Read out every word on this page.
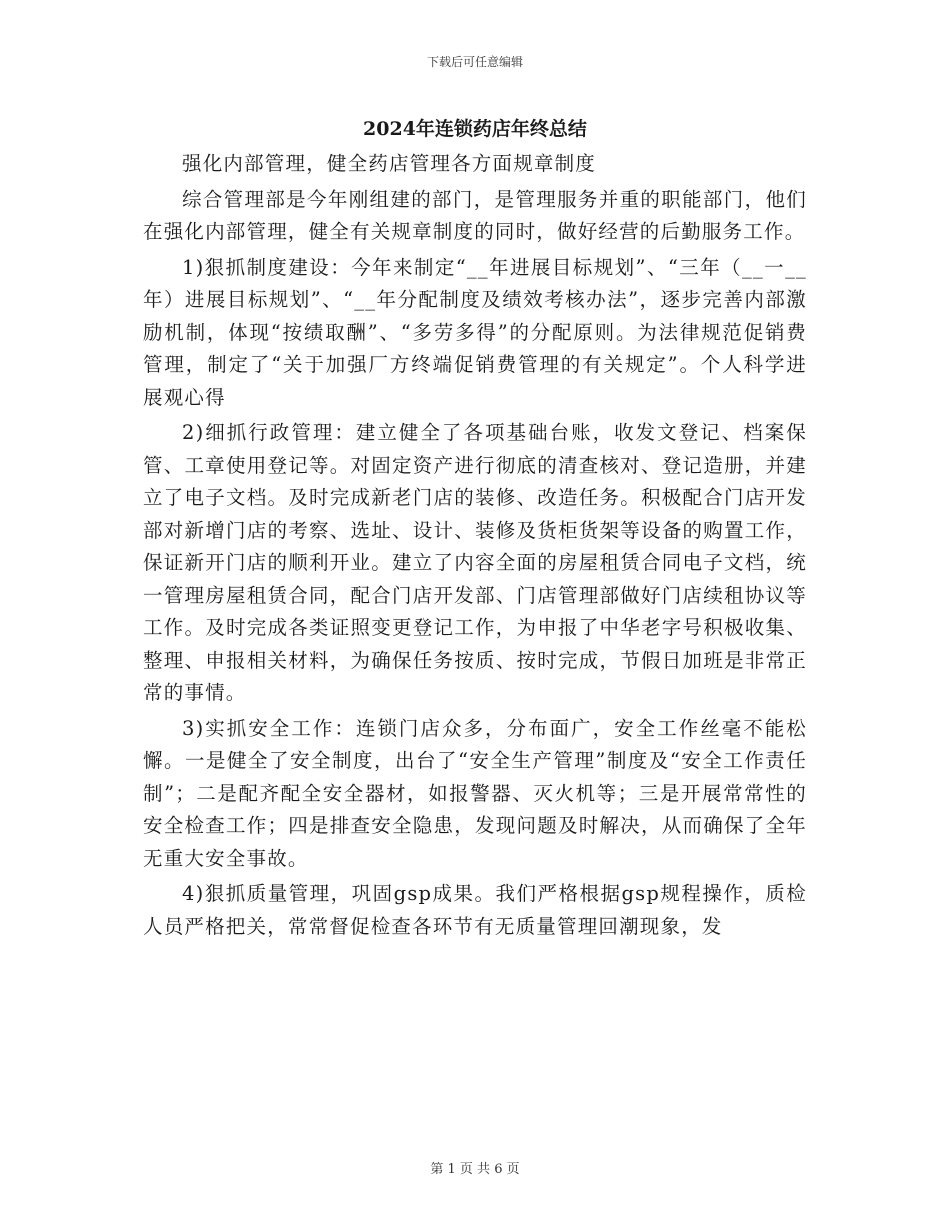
下载后可任意编辑
2024年连锁药店年终总结

强化内部管理，健全药店管理各方面规章制度

综合管理部是今年刚组建的部门，是管理服务并重的职能部门，他们在强化内部管理，健全有关规章制度的同时，做好经营的后勤服务工作。

1)狠抓制度建设：今年来制定“__年进展目标规划”、“三年（__一__年）进展目标规划”、“__年分配制度及绩效考核办法”，逐步完善内部激励机制，体现“按绩取酬”、“多劳多得”的分配原则。为法律规范促销费管理，制定了“关于加强厂方终端促销费管理的有关规定”。个人科学进展观心得

2)细抓行政管理：建立健全了各项基础台账，收发文登记、档案保管、工章使用登记等。对固定资产进行彻底的清查核对、登记造册，并建立了电子文档。及时完成新老门店的装修、改造任务。积极配合门店开发部对新增门店的考察、选址、设计、装修及货柜货架等设备的购置工作，保证新开门店的顺利开业。建立了内容全面的房屋租赁合同电子文档，统一管理房屋租赁合同，配合门店开发部、门店管理部做好门店续租协议等工作。及时完成各类证照变更登记工作，为申报了中华老字号积极收集、整理、申报相关材料，为确保任务按质、按时完成，节假日加班是非常正常的事情。

3)实抓安全工作：连锁门店众多，分布面广，安全工作丝毫不能松懈。一是健全了安全制度，出台了“安全生产管理”制度及“安全工作责任制”；二是配齐配全安全器材，如报警器、灭火机等；三是开展常常性的安全检查工作；四是排查安全隐患，发现问题及时解决，从而确保了全年无重大安全事故。

4)狠抓质量管理，巩固gsp成果。我们严格根据gsp规程操作，质检人员严格把关，常常督促检查各环节有无质量管理回潮现象，发

第 1 页 共 6 页
